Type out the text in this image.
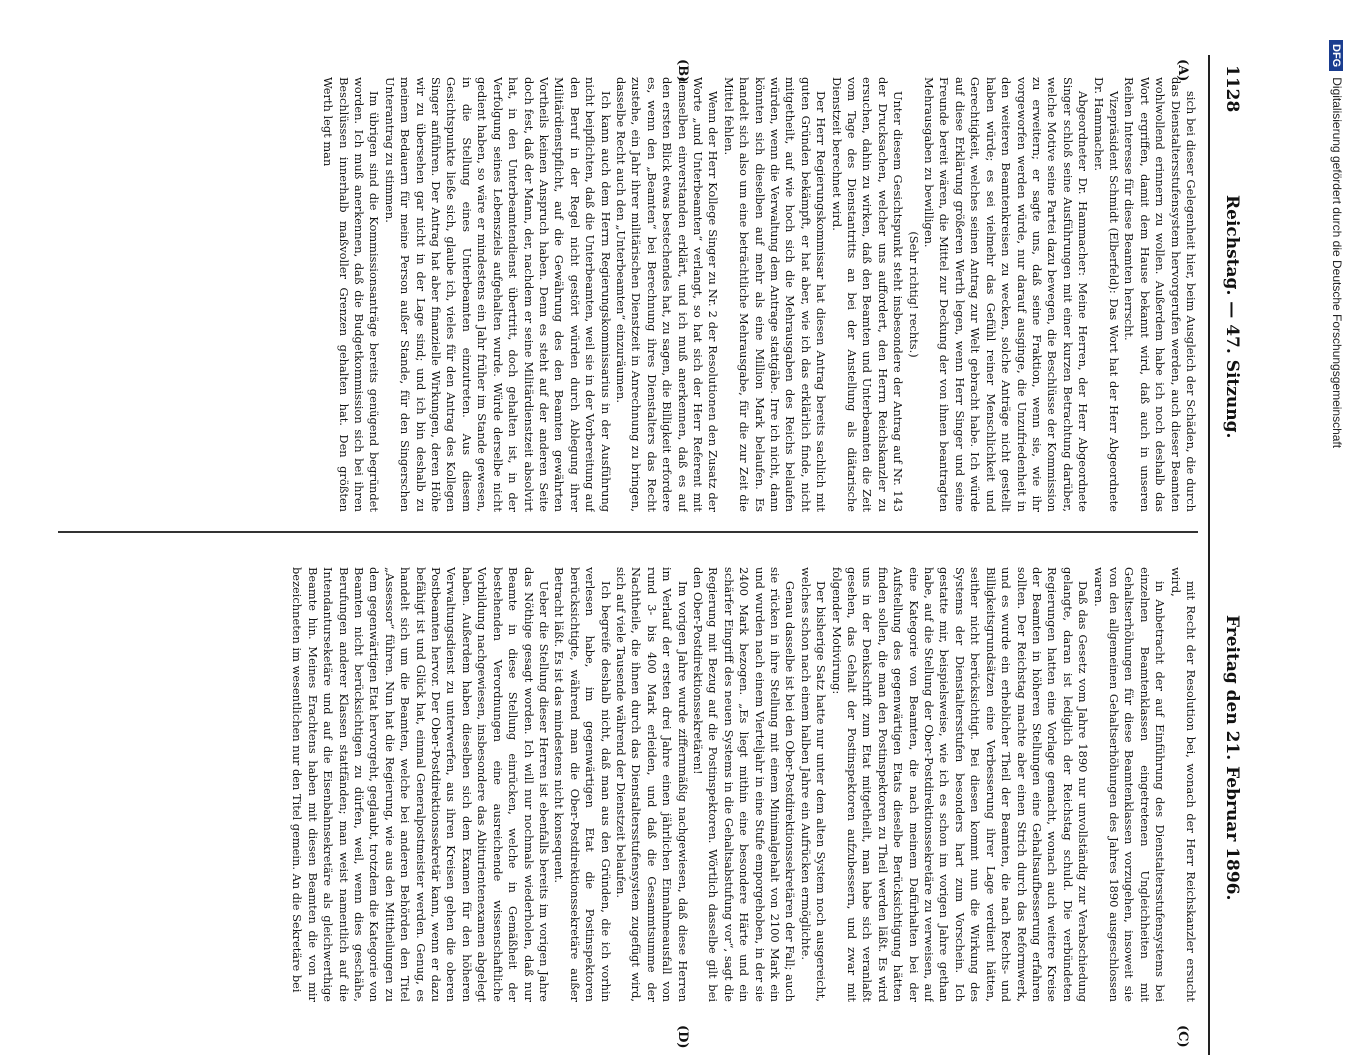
1128
Reichstag. — 47. Sitzung.
Freitag den 21. Februar 1896.
(A)
(B)
(C)
(D)

sich bei dieser Gelegenheit hier, beim Ausgleich der Schäden, die durch das Dienstaltersstufensystem hervorgerufen werden, auch dieser Beamten wohlwollend erinnern zu wollen. Außerdem habe ich noch deshalb das Wort ergriffen, damit dem Hause bekannt wird, daß auch in unseren Reihen Interesse für diese Beamten herrscht.

Vizepräsident Schmidt (Elberfeld): Das Wort hat der Herr Abgeordnete Dr. Hammacher.

Abgeordneter Dr. Hammacher: Meine Herren, der Herr Abgeordnete Singer schloß seine Ausführungen mit einer kurzen Betrachtung darüber, welche Motive seine Partei dazu bewegen, die Beschlüsse der Kommission zu erweitern; er sagte uns, daß seine Fraktion, wenn sie, wie ihr vorgeworfen werden würde, nur darauf ausginge, die Unzufriedenheit in den weiteren Beamtenkreisen zu wecken, solche Anträge nicht gestellt haben würde; es sei vielmehr das Gefühl reiner Menschlichkeit und Gerechtigkeit, welches seinen Antrag zur Welt gebracht habe. Ich würde auf diese Erklärung größeren Werth legen, wenn Herr Singer und seine Freunde bereit wären, die Mittel zur Deckung der von ihnen beantragten Mehrausgaben zu bewilligen.

(Sehr richtig! rechts.)

Unter diesem Gesichtspunkt steht insbesondere der Antrag auf Nr. 143 der Drucksachen, welcher uns auffordert, den Herrn Reichskanzler zu ersuchen, dahin zu wirken, daß den Beamten und Unterbeamten die Zeit vom Tage des Dienstantritts an bei der Anstellung als diätarische Dienstzeit berechnet wird.

Der Herr Regierungskommissar hat diesen Antrag bereits sachlich mit guten Gründen bekämpft, er hat aber, wie ich das erklärlich finde, nicht mitgetheilt, auf wie hoch sich die Mehrausgaben des Reichs belaufen würden, wenn die Verwaltung dem Antrage stattgäbe. Irre ich nicht, dann könnten sich dieselben auf mehr als eine Million Mark belaufen. Es handelt sich also um eine beträchtliche Mehrausgabe, für die zur Zeit die Mittel fehlen.

Wenn der Herr Kollege Singer zu Nr. 2 der Resolutionen den Zusatz der Worte „und Unterbeamten“ verlangt, so hat sich der Herr Referent mit demselben einverstanden erklärt, und ich muß anerkennen, daß es auf den ersten Blick etwas bestechendes hat, zu sagen, die Billigkeit erfordere es, wenn den „Beamten“ bei Berechnung ihres Dienstalters das Recht zustehe, ein Jahr ihrer militärischen Dienstzeit in Anrechnung zu bringen, dasselbe Recht auch den „Unterbeamten“ einzuräumen.

Ich kann auch dem Herrn Regierungskommissarius in der Ausführung nicht beipflichten, daß die Unterbeamten, weil sie in der Vorbereitung auf den Beruf in der Regel nicht gestört würden durch Ablegung ihrer Militärdienstpflicht, auf die Gewährung des den Beamten gewährten Vortheils keinen Anspruch haben. Denn es steht auf der anderen Seite doch fest, daß der Mann, der, nachdem er seine Militärdienstzeit absolvirt hat, in den Unterbeamtendienst übertritt, doch gehalten ist, in der Verfolgung seines Lebensziels aufgehalten wurde. Würde derselbe nicht gedient haben, so wäre er mindestens ein Jahr früher im Stande gewesen, in die Stellung eines Unterbeamten einzutreten. Aus diesem Gesichtspunkte ließe sich, glaube ich, vieles für den Antrag des Kollegen Singer anführen. Der Antrag hat aber finanzielle Wirkungen, deren Höhe wir zu übersehen gar nicht in der Lage sind; und ich bin deshalb zu meinem Bedauern für meine Person außer Stande, für den Singerschen Unterantrag zu stimmen.

Im übrigen sind die Kommissionsanträge bereits genügend begründet worden. Ich muß anerkennen, daß die Budgetkommission sich bei ihren Beschlüssen innerhalb maßvoller Grenzen gehalten hat. Den größten Werth legt man

mit Recht der Resolution bei, wonach der Herr Reichskanzler ersucht wird,

in Anbetracht der auf Einführung des Dienstaltersstufensystems bei einzelnen Beamtenklassen eingetretenen Ungleichheiten mit Gehaltserhöhungen für diese Beamtenklassen vorzugehen, insoweit sie von den allgemeinen Gehaltserhöhungen des Jahres 1890 ausgeschlossen waren.

Daß das Gesetz vom Jahre 1890 nur unvollständig zur Verabschiedung gelangte, daran ist lediglich der Reichstag schuld. Die verbündeten Regierungen hatten eine Vorlage gemacht, wonach auch weitere Kreise der Beamten in höheren Stellungen eine Gehaltsaufbesserung erfahren sollten. Der Reichstag machte aber einen Strich durch das Reformwerk, und es wurde ein erheblicher Theil der Beamten, die nach Rechts- und Billigkeitsgrundsätzen eine Verbesserung ihrer Lage verdient hätten, seither nicht berücksichtigt. Bei diesen kommt nun die Wirkung des Systems der Dienstaltersstufen besonders hart zum Vorschein. Ich gestatte mir, beispielsweise, wie ich es schon im vorigen Jahre gethan habe, auf die Stellung der Ober-Postdirektionssekretäre zu verweisen, auf eine Kategorie von Beamten, die nach meinem Dafürhalten bei der Aufstellung des gegenwärtigen Etats dieselbe Berücksichtigung hätten finden sollen, die man den Postinspektoren zu Theil werden läßt. Es wird uns in der Denkschrift zum Etat mitgetheilt, man habe sich veranlaßt gesehen, das Gehalt der Postinspektoren aufzubessern, und zwar mit folgender Motivirung:

Der bisherige Satz hatte nur unter dem alten System noch ausgereicht, welches schon nach einem halben Jahre ein Aufrücken ermöglichte.

Genau dasselbe ist bei den Ober-Postdirektionssekretären der Fall; auch sie rücken in ihre Stellung mit einem Minimalgehalt von 2100 Mark ein und wurden nach einem Vierteljahr in eine Stufe emporgehoben, in der sie 2400 Mark bezogen. „Es liegt mithin eine besondere Härte und ein schärfer Eingriff des neuen Systems in die Gehaltsabstufung vor“, sagt die Regierung mit Bezug auf die Postinspektoren. Wörtlich dasselbe gilt bei den Ober-Postdirektionssekretären!

Im vorigen Jahre wurde ziffernmäßig nachgewiesen, daß diese Herren im Verlauf der ersten drei Jahre einen jährlichen Einnahmeausfall von rund 3- bis 400 Mark erleiden, und daß die Gesammtsumme der Nachtheile, die ihnen durch das Dienstaltersstufensystem zugefügt wird, sich auf viele Tausende während der Dienstzeit belaufen.

Ich begreife deshalb nicht, daß man aus den Gründen, die ich vorhin verlesen habe, im gegenwärtigen Etat die Postinspektoren berücksichtigte, während man die Ober-Postdirektionssekretäre außer Betracht läßt. Es ist das mindestens nicht konsequent.

Ueber die Stellung dieser Herren ist ebenfalls bereits im vorigen Jahre das Nöthige gesagt worden. Ich will nur nochmals wiederholen, daß nur Beamte in diese Stellung einrücken, welche in Gemäßheit der bestehenden Verordnungen eine ausreichende wissenschaftliche Vorbildung nachgewiesen, insbesondere das Abiturientenexamen abgelegt haben. Außerdem haben dieselben sich dem Examen für den höheren Verwaltungsdienst zu unterwerfen, aus ihren Kreisen gehen die oberen Postbeamten hervor. Der Ober-Postdirektionssekretär kann, wenn er dazu befähigt ist und Glück hat, einmal Generalpostmeister werden. Genug, es handelt sich um die Beamten, welche bei anderen Behörden den Titel „Assessor“ führen. Nun hat die Regierung, wie aus den Mittheilungen zu dem gegenwärtigen Etat hervorgeht, geglaubt, trotzdem die Kategorie von Beamten nicht berücksichtigen zu dürfen, weil, wenn dies geschähe, Berufungen anderer Klassen stattfänden; man weist namentlich auf die Intendanturseketäre und auf die Eisenbahnsekretäre als gleichwerthige Beamte hin. Meines Erachtens haben mit diesen Beamten die von mir bezeichneten im wesentlichen nur den Titel gemein. An die Sekretäre bei

DFGDigitalisierung gefördert durch die Deutsche Forschungsgemeinschaft
